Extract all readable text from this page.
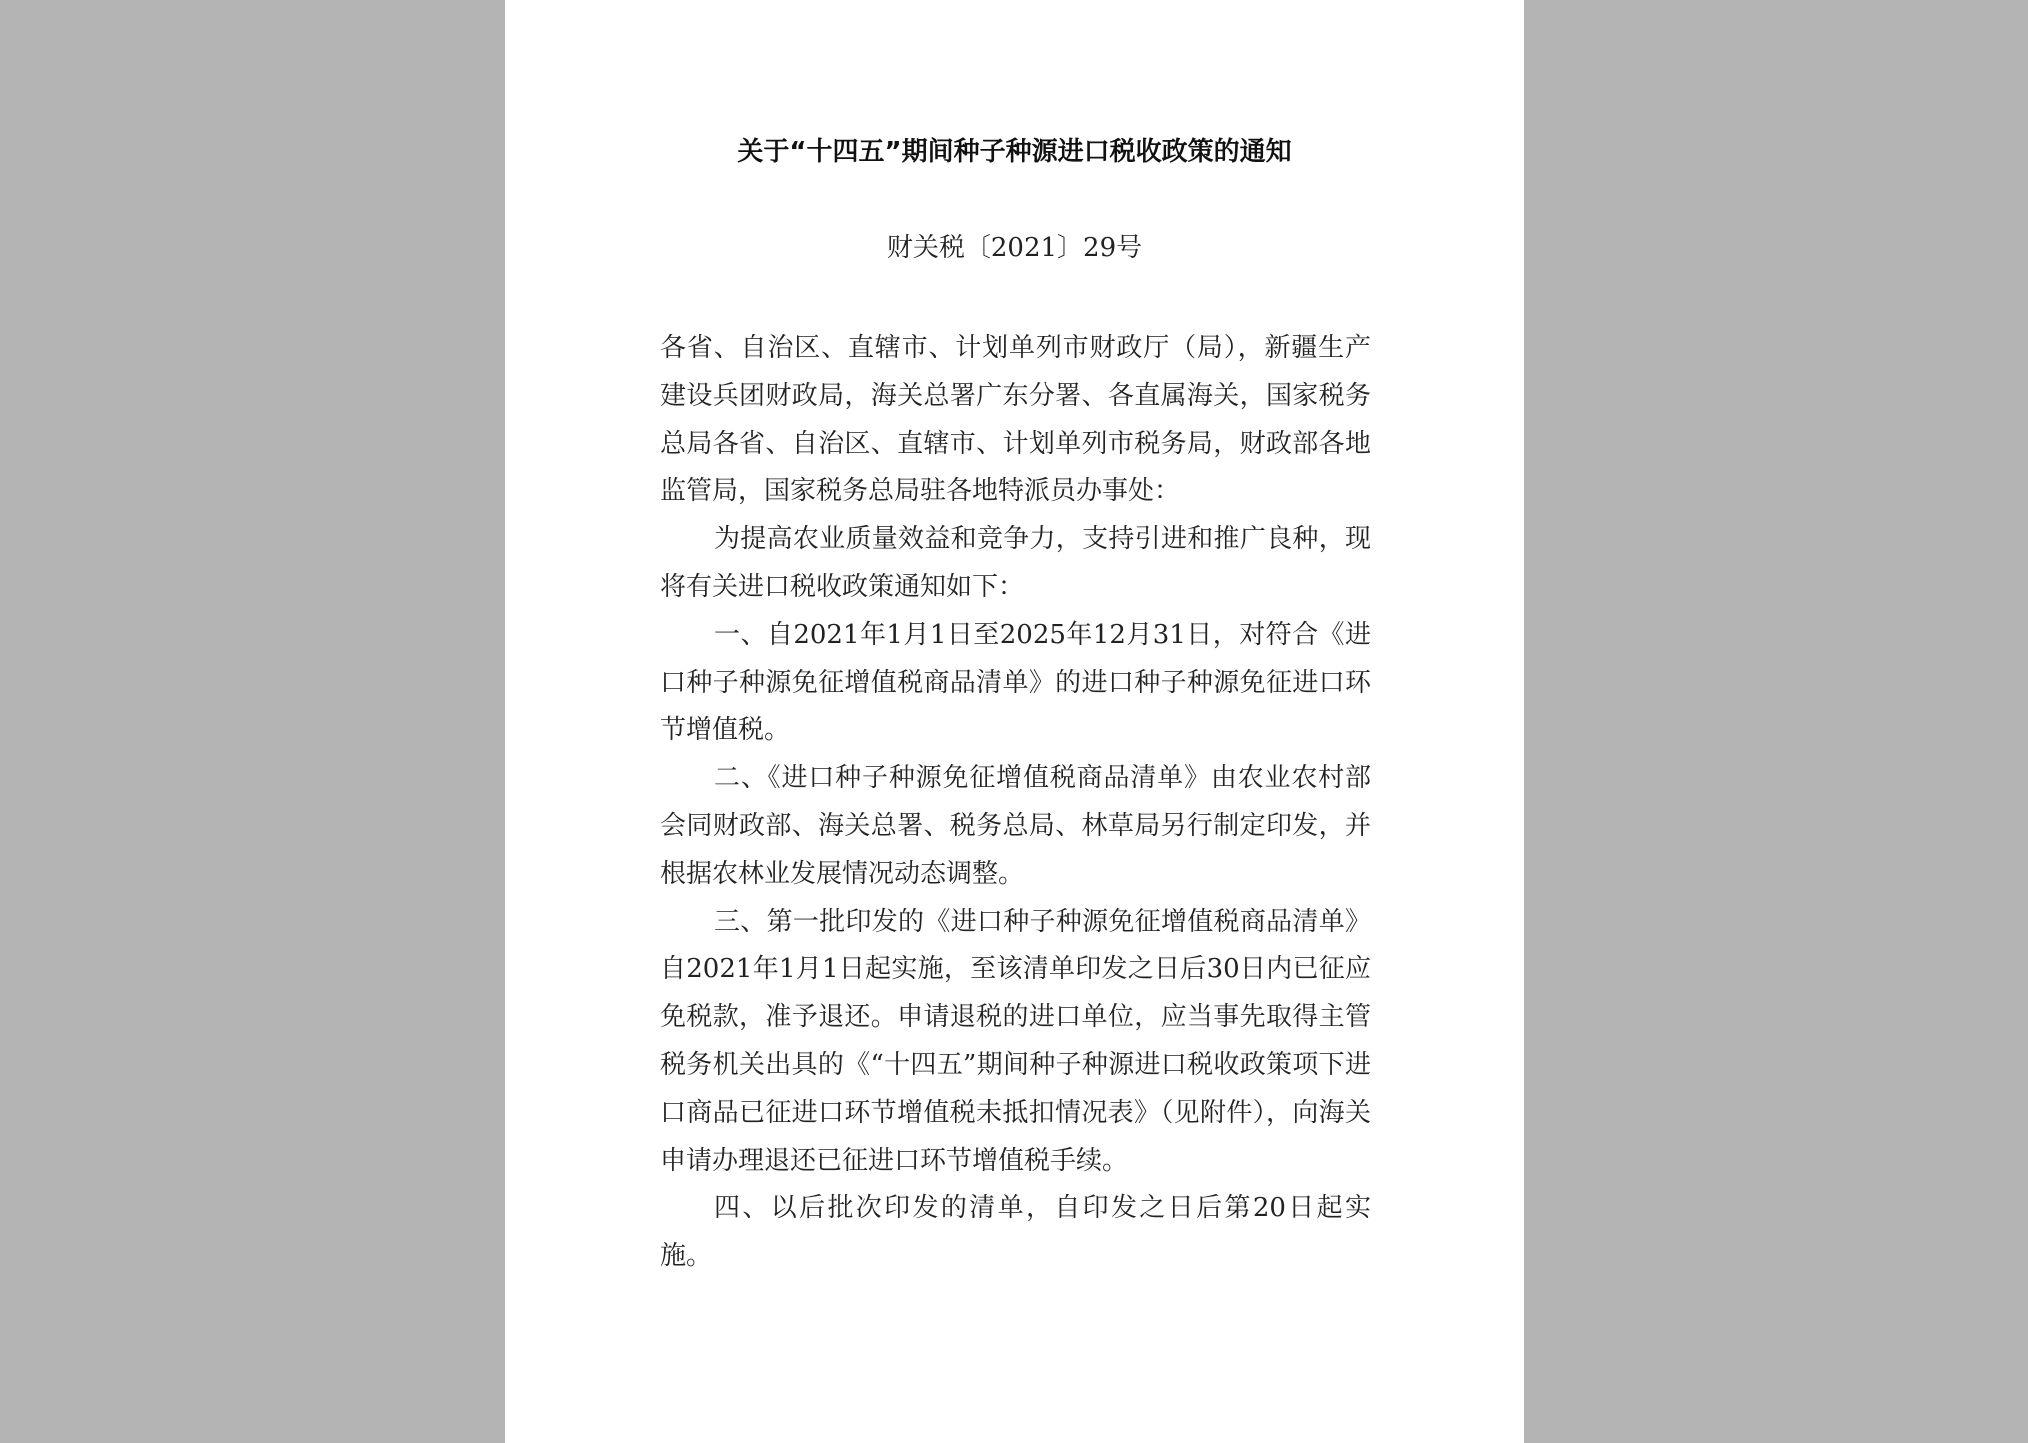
关于“十四五”期间种子种源进口税收政策的通知
财关税〔2021〕29号

各省、自治区、直辖市、计划单列市财政厅（局），新疆生产建设兵团财政局，海关总署广东分署、各直属海关，国家税务总局各省、自治区、直辖市、计划单列市税务局，财政部各地监管局，国家税务总局驻各地特派员办事处：

为提高农业质量效益和竞争力，支持引进和推广良种，现将有关进口税收政策通知如下：

一、自2021年1月1日至2025年12月31日，对符合《进口种子种源免征增值税商品清单》的进口种子种源免征进口环节增值税。

二、《进口种子种源免征增值税商品清单》由农业农村部会同财政部、海关总署、税务总局、林草局另行制定印发，并根据农林业发展情况动态调整。

三、第一批印发的《进口种子种源免征增值税商品清单》自2021年1月1日起实施，至该清单印发之日后30日内已征应免税款，准予退还。申请退税的进口单位，应当事先取得主管税务机关出具的《“十四五”期间种子种源进口税收政策项下进口商品已征进口环节增值税未抵扣情况表》（见附件），向海关申请办理退还已征进口环节增值税手续。

四、以后批次印发的清单，自印发之日后第20日起实施。
